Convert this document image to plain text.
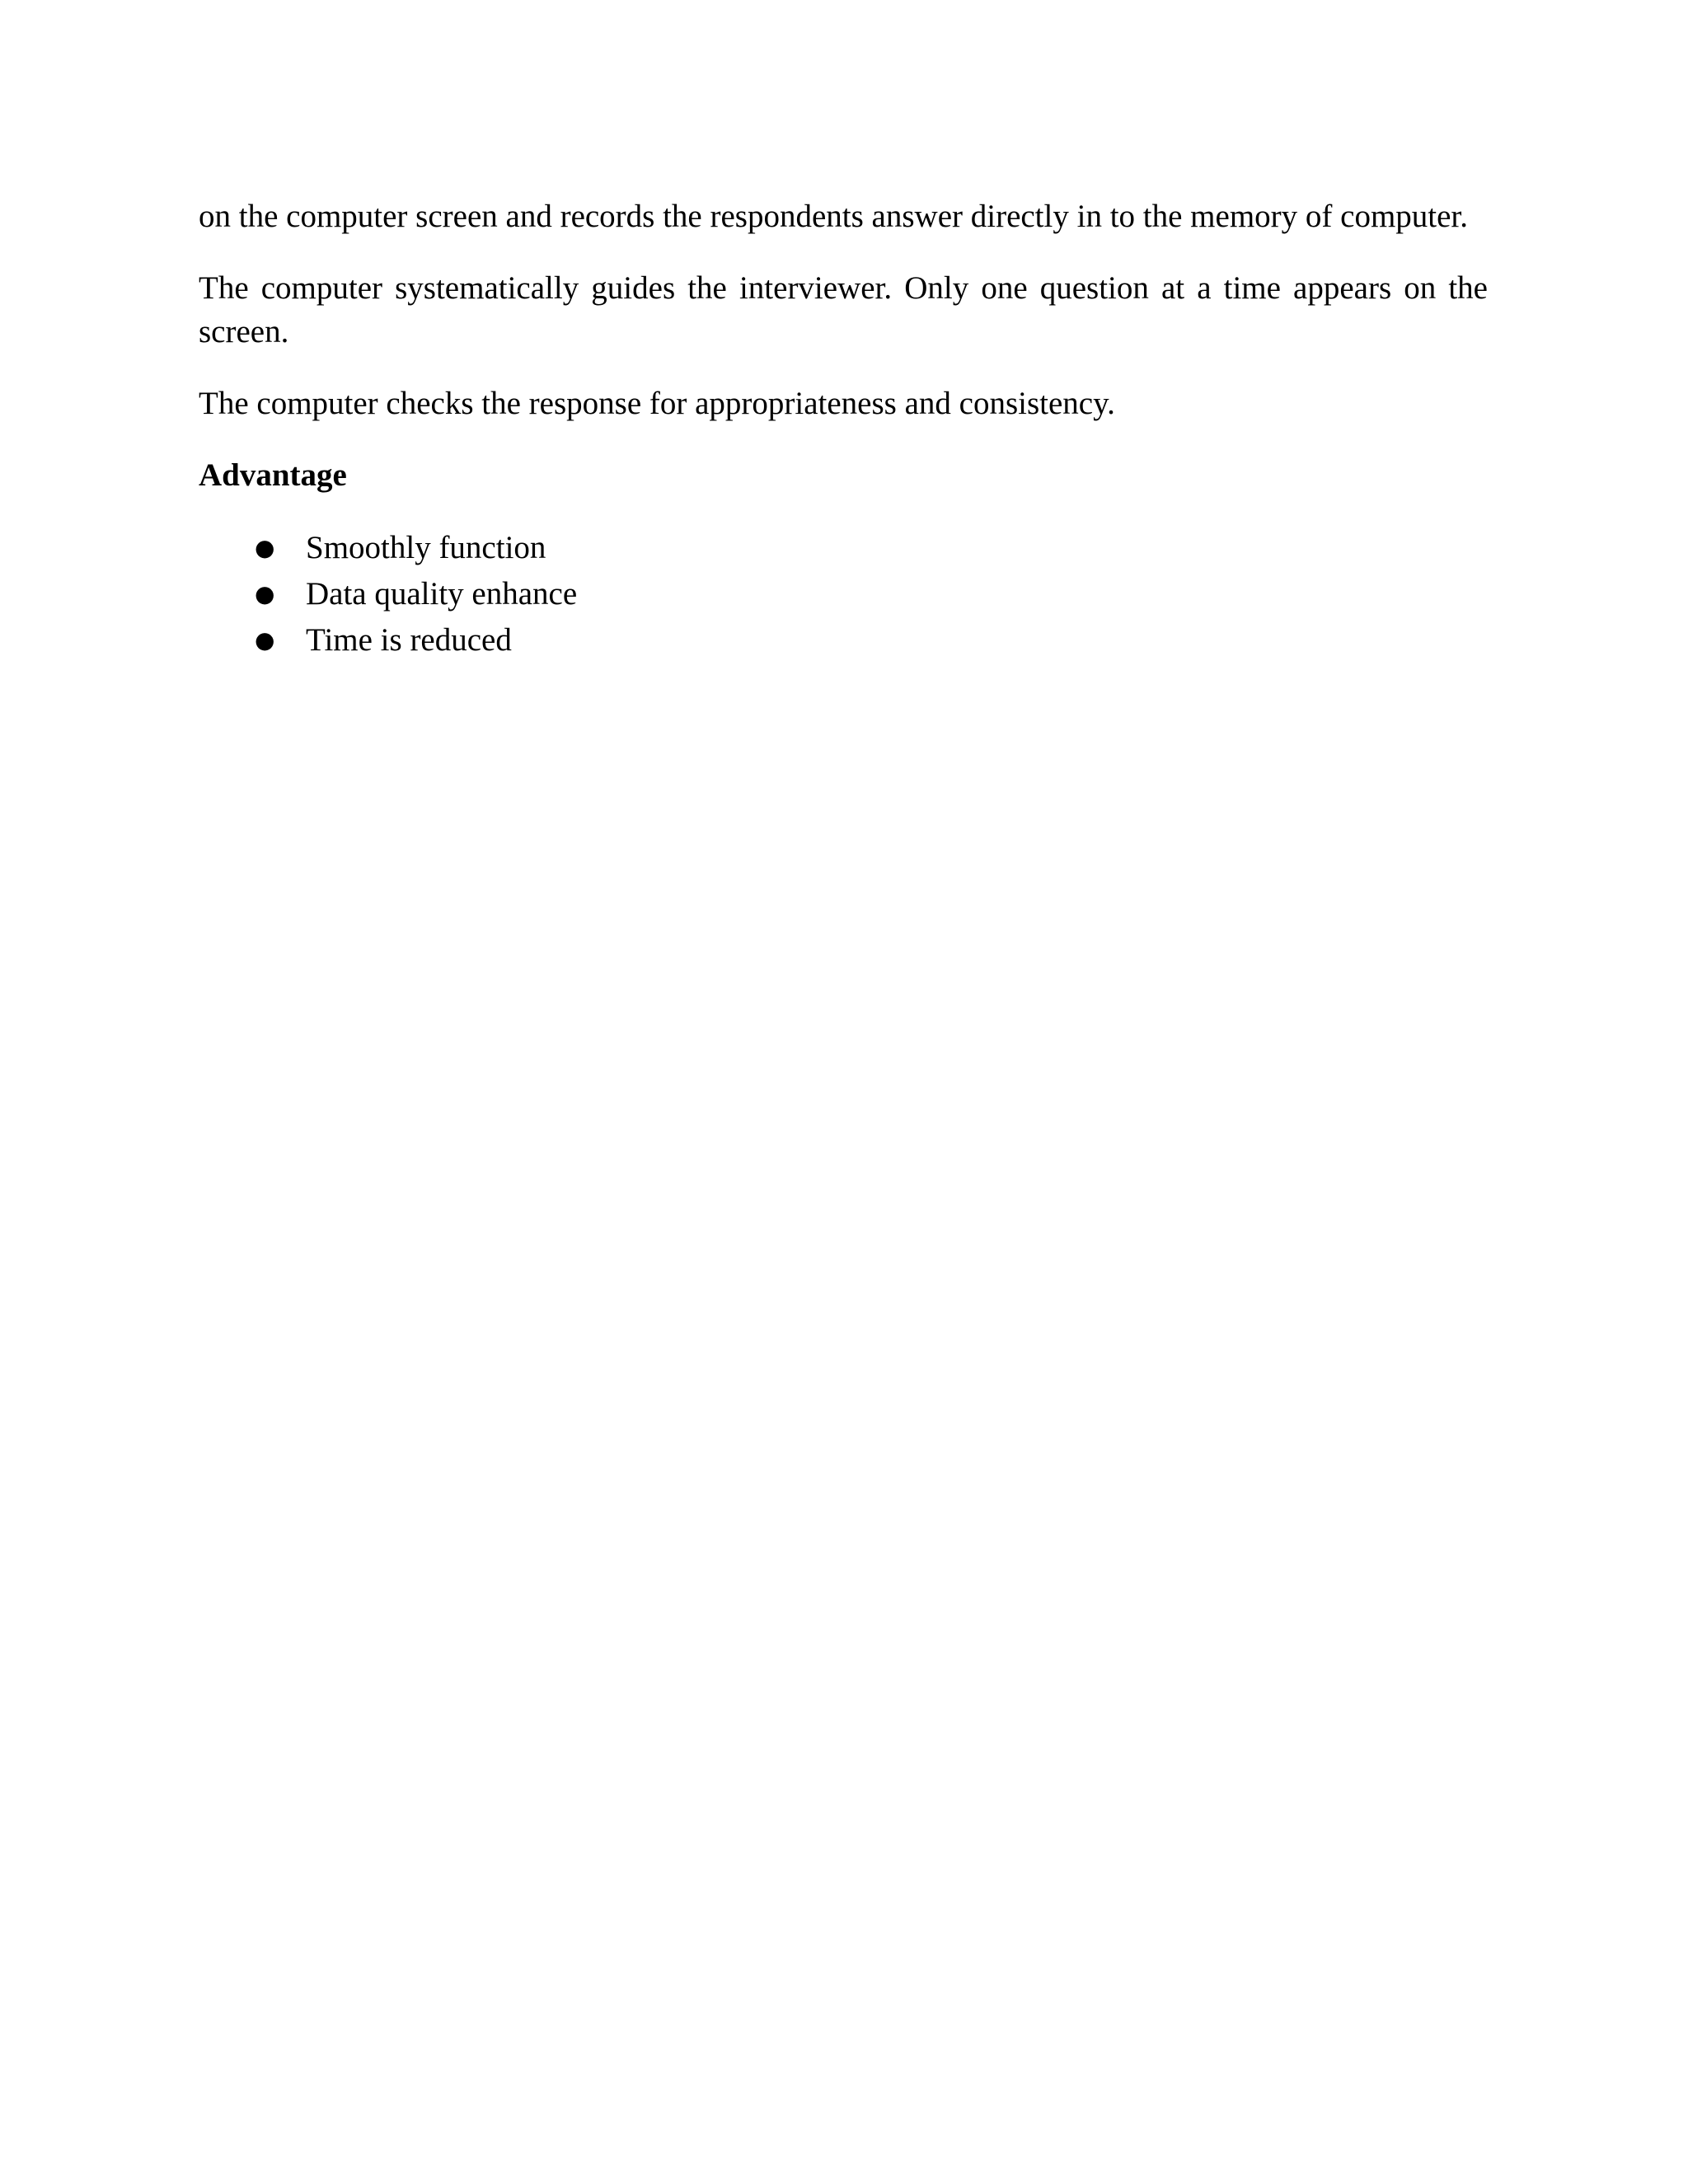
on the computer screen and records the respondents answer directly in to the memory of computer.

The computer systematically guides the interviewer. Only one question at a time appears on the screen.

The computer checks the response for appropriateness and consistency.

Advantage
● Smoothly function
● Data quality enhance
● Time is reduced
